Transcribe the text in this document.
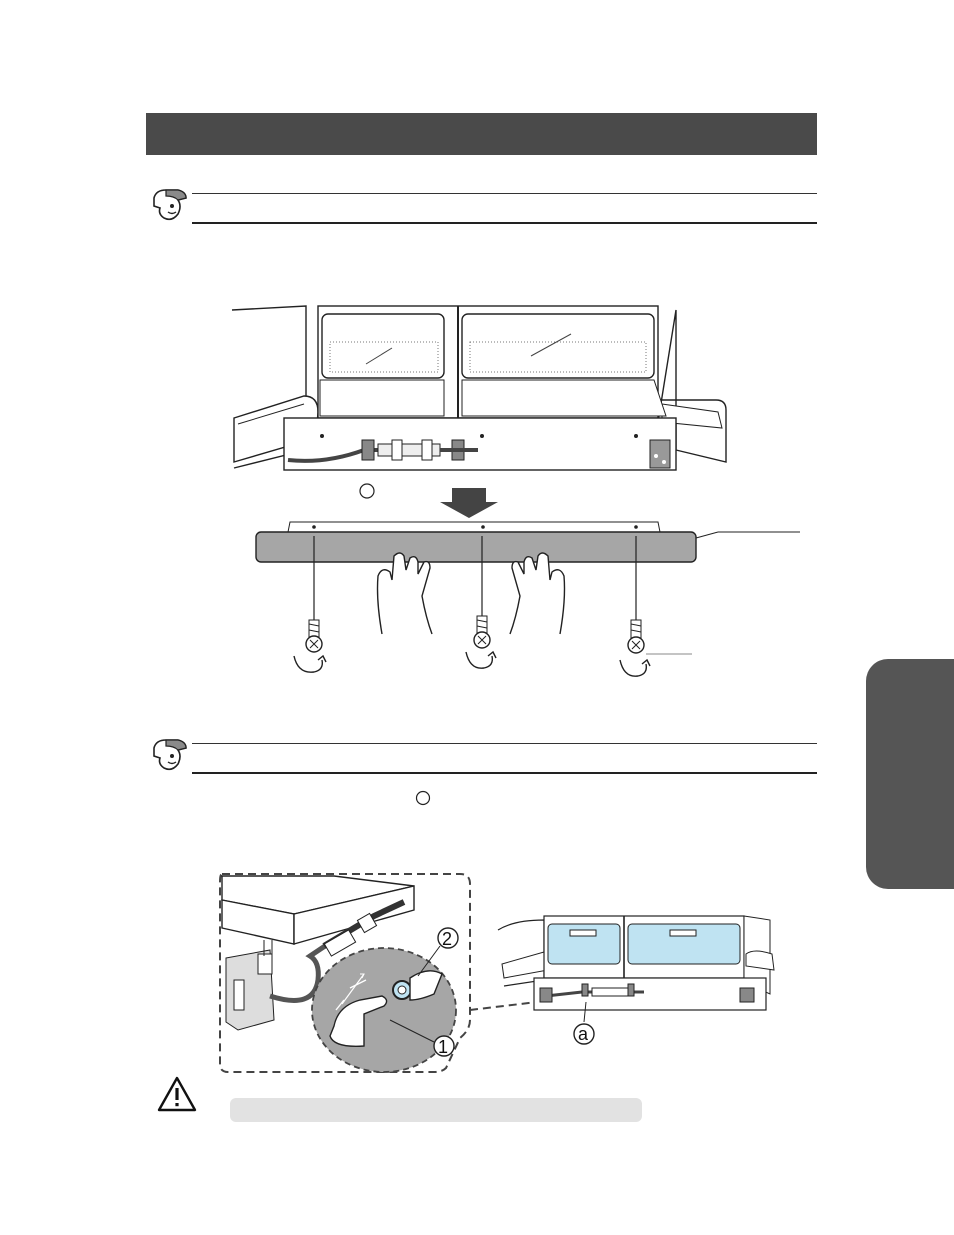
2
1
a
